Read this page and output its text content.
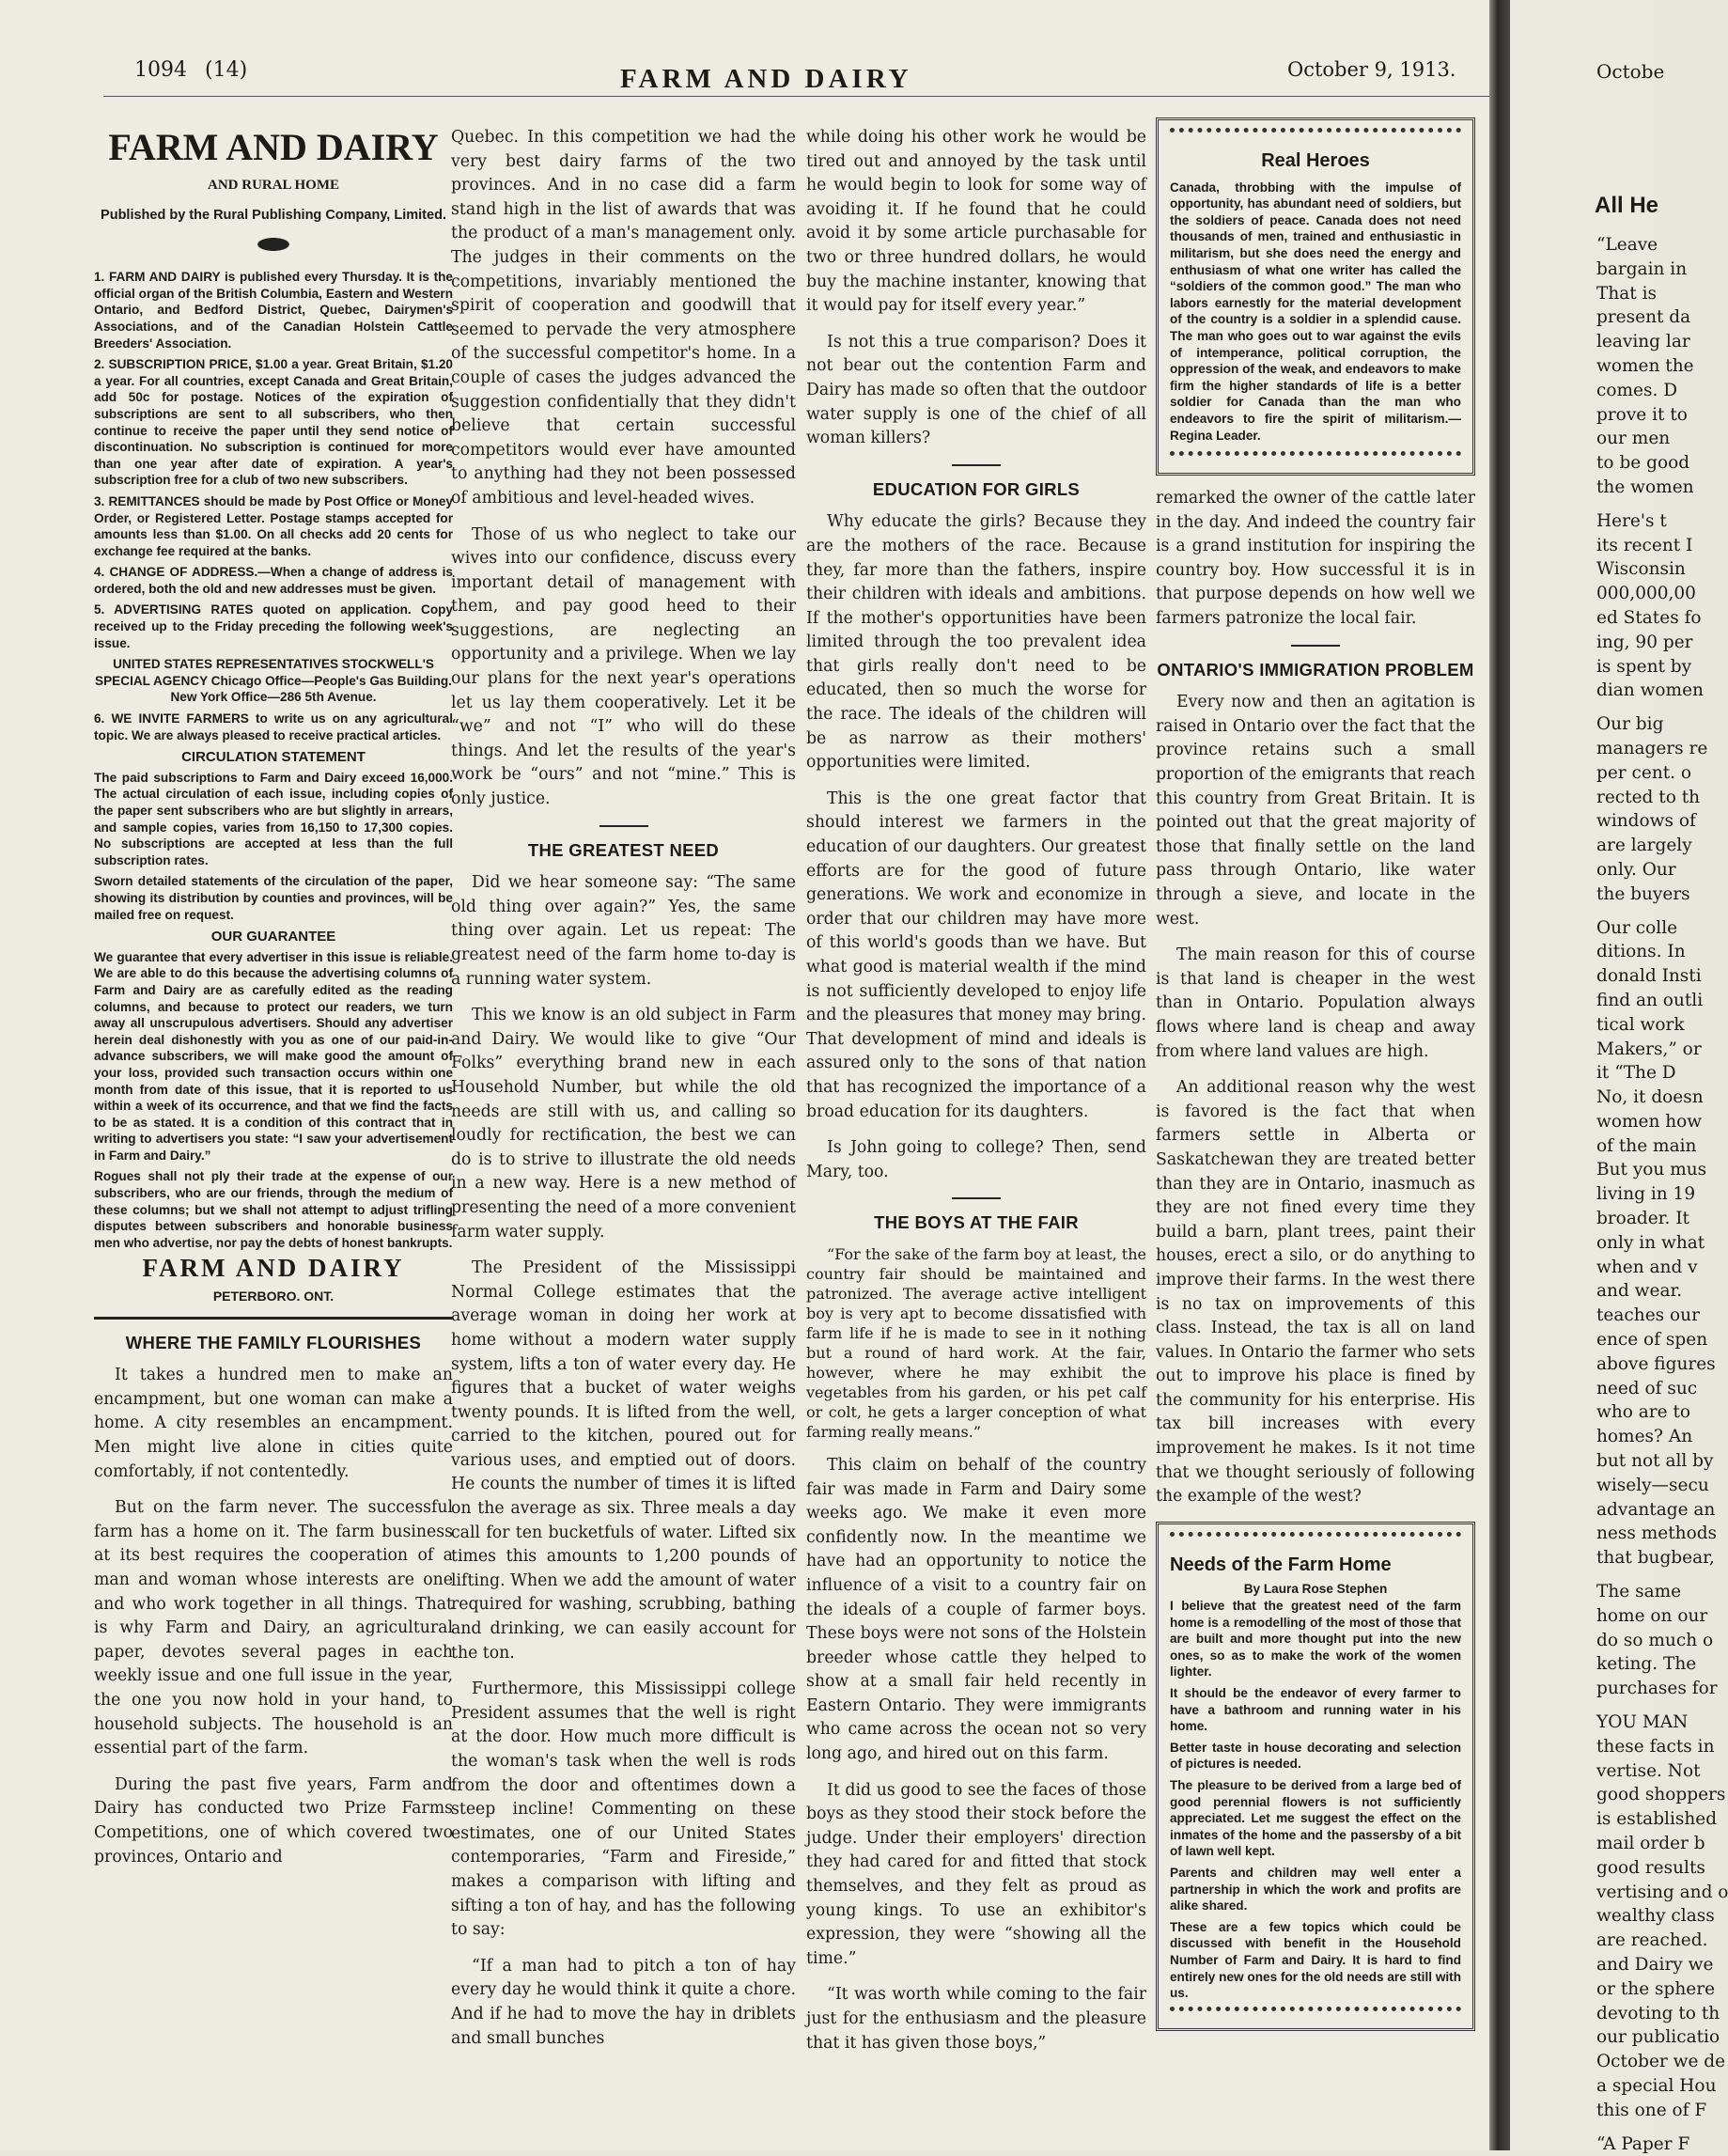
1094 (14)	FARM AND DAIRY	October 9, 1913.
FARM AND DAIRY
AND RURAL HOME
Published by the Rural Publishing Company, Limited.

1. FARM AND DAIRY is published every Thursday. It is the official organ of the British Columbia, Eastern and Western Ontario, and Bedford District, Quebec, Dairymen's Associations, and of the Canadian Holstein Cattle Breeders' Association.

2. SUBSCRIPTION PRICE, $1.00 a year. Great Britain, $1.20 a year. For all countries, except Canada and Great Britain, add 50c for postage. Notices of the expiration of subscriptions are sent to all subscribers, who then continue to receive the paper until they send notice of discontinuation. No subscription is continued for more than one year after date of expiration. A year's subscription free for a club of two new subscribers.

3. REMITTANCES should be made by Post Office or Money Order, or Registered Letter. Postage stamps accepted for amounts less than $1.00. On all checks add 20 cents for exchange fee required at the banks.

4. CHANGE OF ADDRESS.—When a change of address is ordered, both the old and new addresses must be given.

5. ADVERTISING RATES quoted on application. Copy received up to the Friday preceding the following week's issue.

UNITED STATES REPRESENTATIVES STOCKWELL'S SPECIAL AGENCY Chicago Office—People's Gas Building. New York Office—286 5th Avenue.

6. WE INVITE FARMERS to write us on any agricultural topic. We are always pleased to receive practical articles.

CIRCULATION STATEMENT

The paid subscriptions to Farm and Dairy exceed 16,000. The actual circulation of each issue, including copies of the paper sent subscribers who are but slightly in arrears, and sample copies, varies from 16,150 to 17,300 copies. No subscriptions are accepted at less than the full subscription rates.

Sworn detailed statements of the circulation of the paper, showing its distribution by counties and provinces, will be mailed free on request.

OUR GUARANTEE

We guarantee that every advertiser in this issue is reliable. We are able to do this because the advertising columns of Farm and Dairy are as carefully edited as the reading columns, and because to protect our readers, we turn away all unscrupulous advertisers. Should any advertiser herein deal dishonestly with you as one of our paid-in-advance subscribers, we will make good the amount of your loss, provided such transaction occurs within one month from date of this issue, that it is reported to us within a week of its occurrence, and that we find the facts to be as stated. It is a condition of this contract that in writing to advertisers you state: “I saw your advertisement in Farm and Dairy.”

Rogues shall not ply their trade at the expense of our subscribers, who are our friends, through the medium of these columns; but we shall not attempt to adjust trifling disputes between subscribers and honorable business men who advertise, nor pay the debts of honest bankrupts.

FARM AND DAIRY
PETERBORO. ONT.
WHERE THE FAMILY FLOURISHES

It takes a hundred men to make an encampment, but one woman can make a home. A city resembles an encampment. Men might live alone in cities quite comfortably, if not contentedly.

But on the farm never. The successful farm has a home on it. The farm business at its best requires the cooperation of a man and woman whose interests are one and who work together in all things. That is why Farm and Dairy, an agricultural paper, devotes several pages in each weekly issue and one full issue in the year, the one you now hold in your hand, to household subjects. The household is an essential part of the farm.

During the past five years, Farm and Dairy has conducted two Prize Farms Competitions, one of which covered two provinces, Ontario and

Quebec. In this competition we had the very best dairy farms of the two provinces. And in no case did a farm stand high in the list of awards that was the product of a man's management only. The judges in their comments on the competitions, invariably mentioned the spirit of cooperation and goodwill that seemed to pervade the very atmosphere of the successful competitor's home. In a couple of cases the judges advanced the suggestion confidentially that they didn't believe that certain successful competitors would ever have amounted to anything had they not been possessed of ambitious and level-headed wives.

Those of us who neglect to take our wives into our confidence, discuss every important detail of management with them, and pay good heed to their suggestions, are neglecting an opportunity and a privilege. When we lay our plans for the next year's operations let us lay them cooperatively. Let it be “we” and not “I” who will do these things. And let the results of the year's work be “ours” and not “mine.” This is only justice.

THE GREATEST NEED

Did we hear someone say: “The same old thing over again?” Yes, the same thing over again. Let us repeat: The greatest need of the farm home to-day is a running water system.

This we know is an old subject in Farm and Dairy. We would like to give “Our Folks” everything brand new in each Household Number, but while the old needs are still with us, and calling so loudly for rectification, the best we can do is to strive to illustrate the old needs in a new way. Here is a new method of presenting the need of a more convenient farm water supply.

The President of the Mississippi Normal College estimates that the average woman in doing her work at home without a modern water supply system, lifts a ton of water every day. He figures that a bucket of water weighs twenty pounds. It is lifted from the well, carried to the kitchen, poured out for various uses, and emptied out of doors. He counts the number of times it is lifted on the average as six. Three meals a day call for ten bucketfuls of water. Lifted six times this amounts to 1,200 pounds of lifting. When we add the amount of water required for washing, scrubbing, bathing and drinking, we can easily account for the ton.

Furthermore, this Mississippi college President assumes that the well is right at the door. How much more difficult is the woman's task when the well is rods from the door and oftentimes down a steep incline! Commenting on these estimates, one of our United States contemporaries, “Farm and Fireside,” makes a comparison with lifting and sifting a ton of hay, and has the following to say:

“If a man had to pitch a ton of hay every day he would think it quite a chore. And if he had to move the hay in driblets and small bunches

while doing his other work he would be tired out and annoyed by the task until he would begin to look for some way of avoiding it. If he found that he could avoid it by some article purchasable for two or three hundred dollars, he would buy the machine instanter, knowing that it would pay for itself every year.”

Is not this a true comparison? Does it not bear out the contention Farm and Dairy has made so often that the outdoor water supply is one of the chief of all woman killers?

EDUCATION FOR GIRLS

Why educate the girls? Because they are the mothers of the race. Because they, far more than the fathers, inspire their children with ideals and ambitions. If the mother's opportunities have been limited through the too prevalent idea that girls really don't need to be educated, then so much the worse for the race. The ideals of the children will be as narrow as their mothers' opportunities were limited.

This is the one great factor that should interest we farmers in the education of our daughters. Our greatest efforts are for the good of future generations. We work and economize in order that our children may have more of this world's goods than we have. But what good is material wealth if the mind is not sufficiently developed to enjoy life and the pleasures that money may bring. That development of mind and ideals is assured only to the sons of that nation that has recognized the importance of a broad education for its daughters.

Is John going to college? Then, send Mary, too.

THE BOYS AT THE FAIR

“For the sake of the farm boy at least, the country fair should be maintained and patronized. The average active intelligent boy is very apt to become dissatisfied with farm life if he is made to see in it nothing but a round of hard work. At the fair, however, where he may exhibit the vegetables from his garden, or his pet calf or colt, he gets a larger conception of what farming really means.”

This claim on behalf of the country fair was made in Farm and Dairy some weeks ago. We make it even more confidently now. In the meantime we have had an opportunity to notice the influence of a visit to a country fair on the ideals of a couple of farmer boys. These boys were not sons of the Holstein breeder whose cattle they helped to show at a small fair held recently in Eastern Ontario. They were immigrants who came across the ocean not so very long ago, and hired out on this farm.

It did us good to see the faces of those boys as they stood their stock before the judge. Under their employers' direction they had cared for and fitted that stock themselves, and they felt as proud as young kings. To use an exhibitor's expression, they were “showing all the time.”

“It was worth while coming to the fair just for the enthusiasm and the pleasure that it has given those boys,”

Real Heroes
Canada, throbbing with the impulse of opportunity, has abundant need of soldiers, but the soldiers of peace. Canada does not need thousands of men, trained and enthusiastic in militarism, but she does need the energy and enthusiasm of what one writer has called the “soldiers of the common good.” The man who labors earnestly for the material development of the country is a soldier in a splendid cause. The man who goes out to war against the evils of intemperance, political corruption, the oppression of the weak, and endeavors to make firm the higher standards of life is a better soldier for Canada than the man who endeavors to fire the spirit of militarism.—Regina Leader.

remarked the owner of the cattle later in the day. And indeed the country fair is a grand institution for inspiring the country boy. How successful it is in that purpose depends on how well we farmers patronize the local fair.

ONTARIO'S IMMIGRATION PROBLEM

Every now and then an agitation is raised in Ontario over the fact that the province retains such a small proportion of the emigrants that reach this country from Great Britain. It is pointed out that the great majority of those that finally settle on the land pass through Ontario, like water through a sieve, and locate in the west.

The main reason for this of course is that land is cheaper in the west than in Ontario. Population always flows where land is cheap and away from where land values are high.

An additional reason why the west is favored is the fact that when farmers settle in Alberta or Saskatchewan they are treated better than they are in Ontario, inasmuch as they are not fined every time they build a barn, plant trees, paint their houses, erect a silo, or do anything to improve their farms. In the west there is no tax on improvements of this class. Instead, the tax is all on land values. In Ontario the farmer who sets out to improve his place is fined by the community for his enterprise. His tax bill increases with every improvement he makes. Is it not time that we thought seriously of following the example of the west?

Needs of the Farm Home
By Laura Rose Stephen

I believe that the greatest need of the farm home is a remodelling of the most of those that are built and more thought put into the new ones, so as to make the work of the women lighter.

It should be the endeavor of every farmer to have a bathroom and running water in his home.

Better taste in house decorating and selection of pictures is needed.

The pleasure to be derived from a large bed of good perennial flowers is not sufficiently appreciated. Let me suggest the effect on the inmates of the home and the passersby of a bit of lawn well kept.

Parents and children may well enter a partnership in which the work and profits are alike shared.

These are a few topics which could be discussed with benefit in the Household Number of Farm and Dairy. It is hard to find entirely new ones for the old needs are still with us.

Octobe
All He
“Leave
bargain in
That is
present da
leaving lar
women the
comes. D
prove it to
our men
to be good
the women

Here's t
its recent I
Wisconsin
000,000,00
ed States fo
ing, 90 per
is spent by
dian women

Our big
managers re
per cent. o
rected to th
windows of
are largely
only. Our
the buyers

Our colle
ditions. In
donald Insti
find an outli
tical work
Makers,” or
it “The D
No, it doesn
women how
of the main
But you mus
living in 19
broader. It
only in what
when and v
and wear.
teaches our
ence of spen
above figures
need of suc
who are to
homes? An
but not all by
wisely—secu
advantage an
ness methods
that bugbear,

The same
home on our
do so much o
keting. The
purchases for

YOU MAN
these facts in
vertise. Not
good shoppers
is established
mail order b
good results
vertising and o
wealthy class
are reached.
and Dairy we
or the sphere
devoting to th
our publicatio
October we de
a special Hou
this one of F

“A Paper F
